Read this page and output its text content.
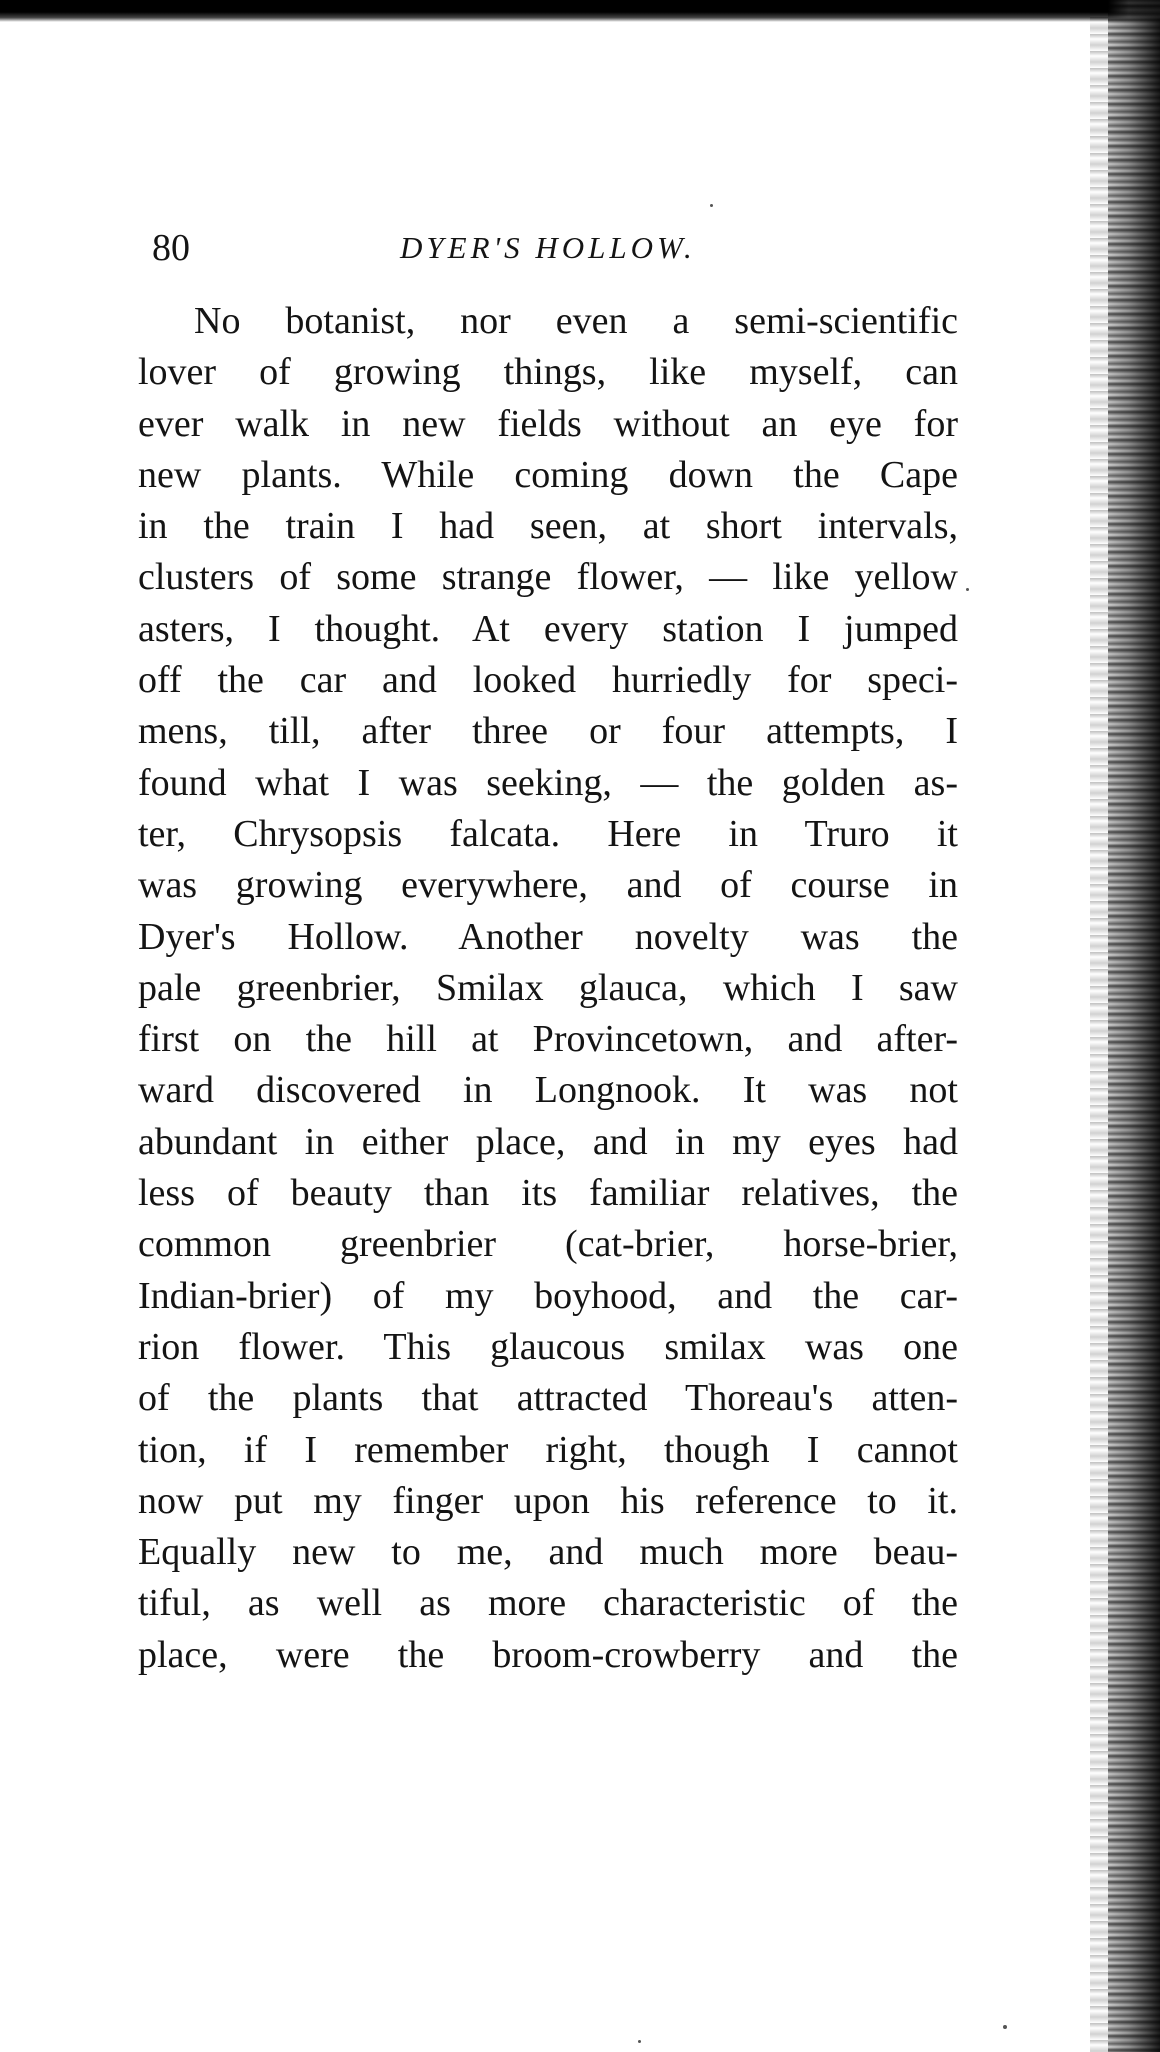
80	DYER'S HOLLOW.
No botanist, nor even a semi-scientific
lover of growing things, like myself, can
ever walk in new fields without an eye for
new plants. While coming down the Cape
in the train I had seen, at short intervals,
clusters of some strange flower, — like yellow
asters, I thought. At every station I jumped
off the car and looked hurriedly for speci-
mens, till, after three or four attempts, I
found what I was seeking, — the golden as-
ter, Chrysopsis falcata. Here in Truro it
was growing everywhere, and of course in
Dyer's Hollow. Another novelty was the
pale greenbrier, Smilax glauca, which I saw
first on the hill at Provincetown, and after-
ward discovered in Longnook. It was not
abundant in either place, and in my eyes had
less of beauty than its familiar relatives, the
common greenbrier (cat-brier, horse-brier,
Indian-brier) of my boyhood, and the car-
rion flower. This glaucous smilax was one
of the plants that attracted Thoreau's atten-
tion, if I remember right, though I cannot
now put my finger upon his reference to it.
Equally new to me, and much more beau-
tiful, as well as more characteristic of the
place, were the broom-crowberry and the
